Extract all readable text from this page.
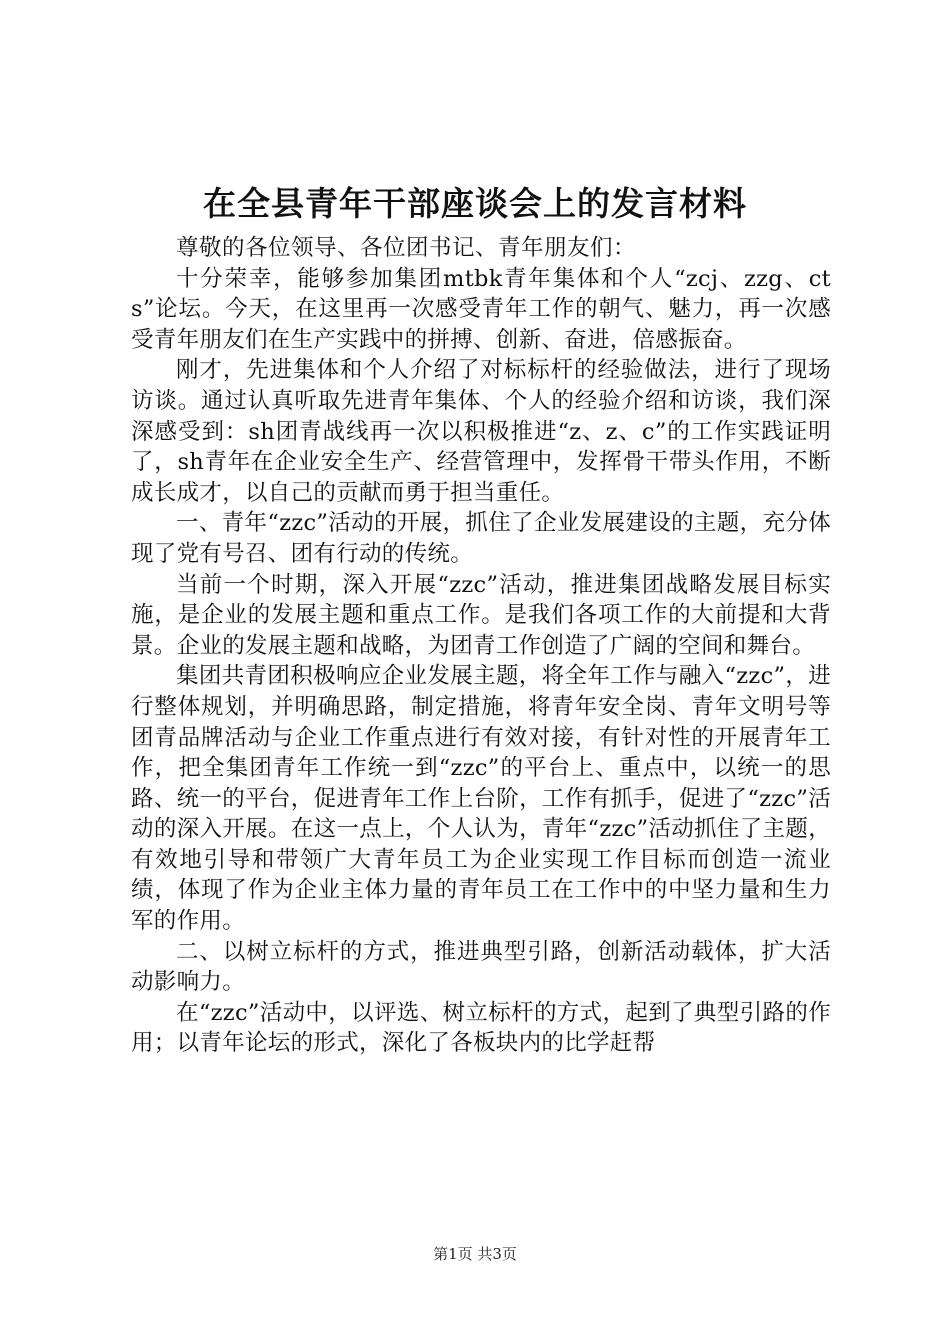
在全县青年干部座谈会上的发言材料

尊敬的各位领导、各位团书记、青年朋友们：

十分荣幸，能够参加集团mtbk青年集体和个人“zcj、zzg、cts”论坛。今天，在这里再一次感受青年工作的朝气、魅力，再一次感受青年朋友们在生产实践中的拼搏、创新、奋进，倍感振奋。

刚才，先进集体和个人介绍了对标标杆的经验做法，进行了现场访谈。通过认真听取先进青年集体、个人的经验介绍和访谈，我们深深感受到：sh团青战线再一次以积极推进“z、z、c”的工作实践证明了，sh青年在企业安全生产、经营管理中，发挥骨干带头作用，不断成长成才，以自己的贡献而勇于担当重任。

一、青年“zzc”活动的开展，抓住了企业发展建设的主题，充分体现了党有号召、团有行动的传统。

当前一个时期，深入开展“zzc”活动，推进集团战略发展目标实施，是企业的发展主题和重点工作。是我们各项工作的大前提和大背景。企业的发展主题和战略，为团青工作创造了广阔的空间和舞台。

集团共青团积极响应企业发展主题，将全年工作与融入“zzc”，进行整体规划，并明确思路，制定措施，将青年安全岗、青年文明号等团青品牌活动与企业工作重点进行有效对接，有针对性的开展青年工作，把全集团青年工作统一到“zzc”的平台上、重点中，以统一的思路、统一的平台，促进青年工作上台阶，工作有抓手，促进了“zzc”活动的深入开展。在这一点上，个人认为，青年“zzc”活动抓住了主题，有效地引导和带领广大青年员工为企业实现工作目标而创造一流业绩，体现了作为企业主体力量的青年员工在工作中的中坚力量和生力军的作用。

二、以树立标杆的方式，推进典型引路，创新活动载体，扩大活动影响力。

在“zzc”活动中，以评选、树立标杆的方式，起到了典型引路的作用；以青年论坛的形式，深化了各板块内的比学赶帮

第1页 共3页
